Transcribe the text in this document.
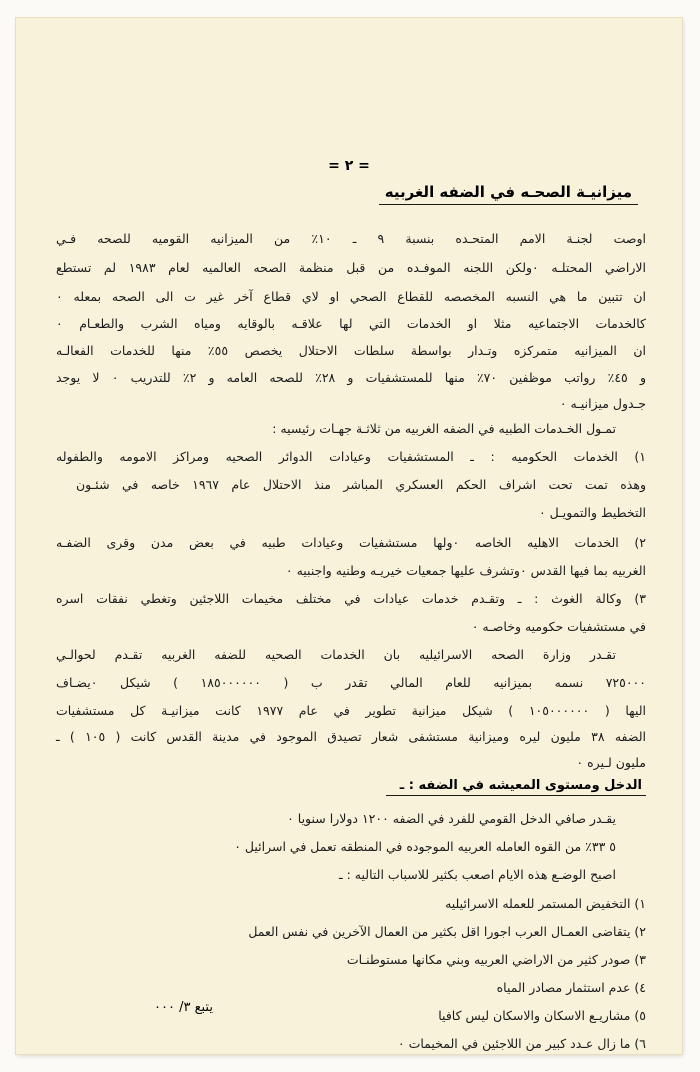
= ٢ =
ميزانيـة الصحـه في الضفه الغربيه
اوصت لجنـة الامم المتحـده بنسبة ٩ ـ ١٠٪ من الميزانيه القوميه للصحه فـي
الاراضي المحتلـه ٠ولكن اللجنه الموفـده من قبل منظمة الصحه العالميه لعام ١٩٨٣ لم تستطع
ان تتبين ما هي النسبه المخصصه للقطاع الصحي او لاي قطاع آخر غير ت الى الصحه بمعله ٠
كالخدمات الاجتماعيه مثلا او الخدمات التي لها علاقـه بالوقايه ومياه الشرب والطعـام ٠
ان الميزانيه متمركزه وتـدار بواسطة سلطات الاحتلال يخصص ٥٥٪ منها للخدمات الفعالـه
و ٤٥٪ رواتب موظفين ٧٠٪ منها للمستشفيات و ٢٨٪ للصحه العامه و ٢٪ للتدريب ٠ لا يوجد
جـدول ميزانيـه ٠
تمـول الخـدمات الطبيه في الضفه الغربيه من ثلاثـة جهـات رئيسيه :
١) الخدمات الحكوميه : ـ المستشفيات وعيادات الدوائر الصحيه ومراكز الامومه والطفوله
وهذه تمت تحت اشراف الحكم العسكري المباشر منذ الاحتلال عام ١٩٦٧ خاصه في شئـون
التخطيط والتمويـل ٠
٢) الخدمات الاهليه الخاصه ٠ولها مستشفيات وعيادات طبيه في بعض مدن وقرى الضفـه
الغربيه بما فيها القدس ٠وتشرف عليها جمعيات خيريـه وطنيه واجنبيه ٠
٣) وكالة الغوث : ـ وتقـدم خدمات عيادات في مختلف مخيمات اللاجئين وتغطي نفقات اسره
في مستشفيات حكوميه وخاصـه ٠
تقـدر وزارة الصحه الاسرائيليه بان الخدمات الصحيه للضفه الغربيه تقـدم لحوالـي
٧٢٥٠٠٠ نسمه بميزانيه للعام المالي تقدر ب ( ١٨٥٠٠٠٠٠٠ ) شيكل ٠يضـاف
اليها ( ١٠٥٠٠٠٠٠٠ ) شيكل ميزانية تطوير في عام ١٩٧٧ كانت ميزانيـة كل مستشفيات
الضفه ٣٨ مليون ليره وميزانية مستشفى شعار تصيدق الموجود في مدينة القدس كانت ( ١٠٥ ) ـ
مليون لـيره ٠
الدخل ومستوى المعيشه في الضفه : ـ
يقـدر صافي الدخل القومي للفرد في الضفه ١٢٠٠ دولارا سنويا ٠
٥ ٣٣٪ من القوه العامله العربيه الموجوده في المنطقه تعمل في اسرائيل ٠
اصبح الوضـع هذه الايام اصعب بكثير للاسباب التاليه : ـ
١) التخفيض المستمر للعمله الاسرائيليه
٢) يتقاضى العمـال العرب اجورا اقل بكثير من العمال الآخرين في نفس العمل
٣) صودر كثير من الاراضي العربيه وبني مكانها مستوطنـات
٤) عدم استثمار مصادر المياه
٥) مشاريـع الاسكان والاسكان ليس كافيا
٦) ما زال عـدد كبير من اللاجئين في المخيمات ٠
يتبع ٣/ ٠٠٠
